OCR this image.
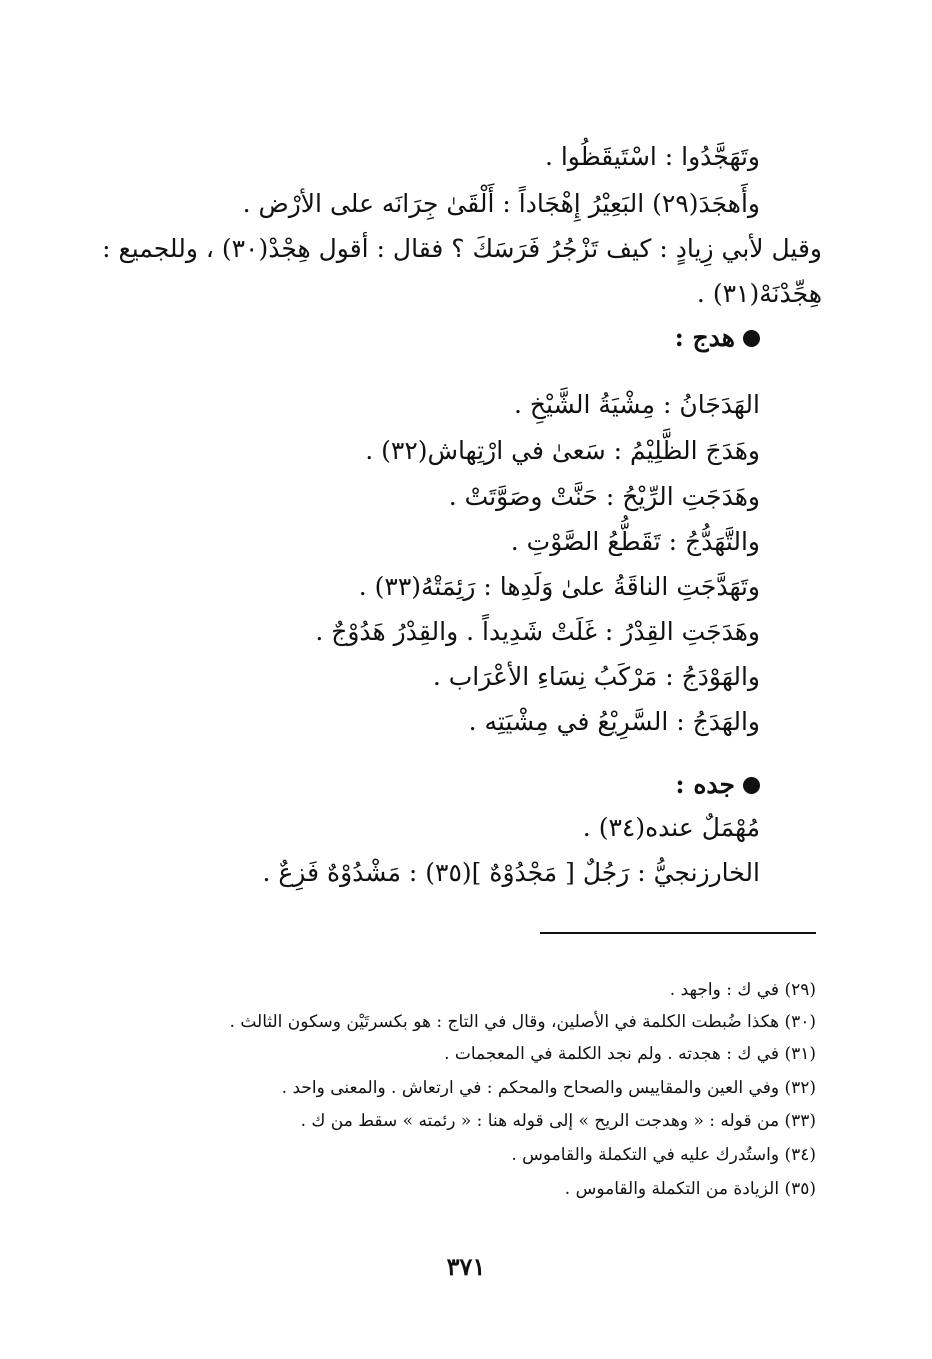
وتَهَجَّدُوا : اسْتَيقَظُوا .
وأَهجَدَ(٢٩) البَعِيْرُ إِهْجَاداً : أَلْقَىٰ جِرَانَه على الأرْض .
وقيل لأبي زِيادٍ : كيف تَزْجُرُ فَرَسَكَ ؟ فقال : أقول هِجْدْ(٣٠) ، وللجميع :
هِجِّدْنَهْ(٣١) .
هدج :
الهَدَجَانُ : مِشْيَةُ الشَّيْخِ .
وهَدَجَ الظَّلِيْمُ : سَعىٰ في ارْتِهاش(٣٢) .
وهَدَجَتِ الرِّيْحُ : حَنَّتْ وصَوَّتَتْ .
والتَّهَدُّجُ : تَقَطُّعُ الصَّوْتِ .
وتَهَدَّجَتِ الناقَةُ علىٰ وَلَدِها : رَئِمَتْهُ(٣٣) .
وهَدَجَتِ القِدْرُ : غَلَتْ شَدِيداً . والقِدْرُ هَدُوْجٌ .
والهَوْدَجُ : مَرْكَبُ نِسَاءِ الأعْرَاب .
والهَدَجُ : السَّرِيْعُ في مِشْيَتِه .
جده :
مُهْمَلٌ عنده(٣٤) .
الخارزنجيُّ : رَجُلٌ [ مَجْدُوْهٌ ](٣٥) : مَشْدُوْهٌ فَزِعٌ .
(٢٩) في ك : واجهد .
(٣٠) هكذا ضُبطت الكلمة في الأصلين، وقال في التاج : هو بكسرتَيْن وسكون الثالث .
(٣١) في ك : هجدته . ولم نجد الكلمة في المعجمات .
(٣٢) وفي العين والمقاييس والصحاح والمحكم : في ارتعاش . والمعنى واحد .
(٣٣) من قوله : « وهدجت الريح » إلى قوله هنا : « رئمته » سقط من ك .
(٣٤) واستُدرك عليه في التكملة والقاموس .
(٣٥) الزيادة من التكملة والقاموس .
٣٧١
